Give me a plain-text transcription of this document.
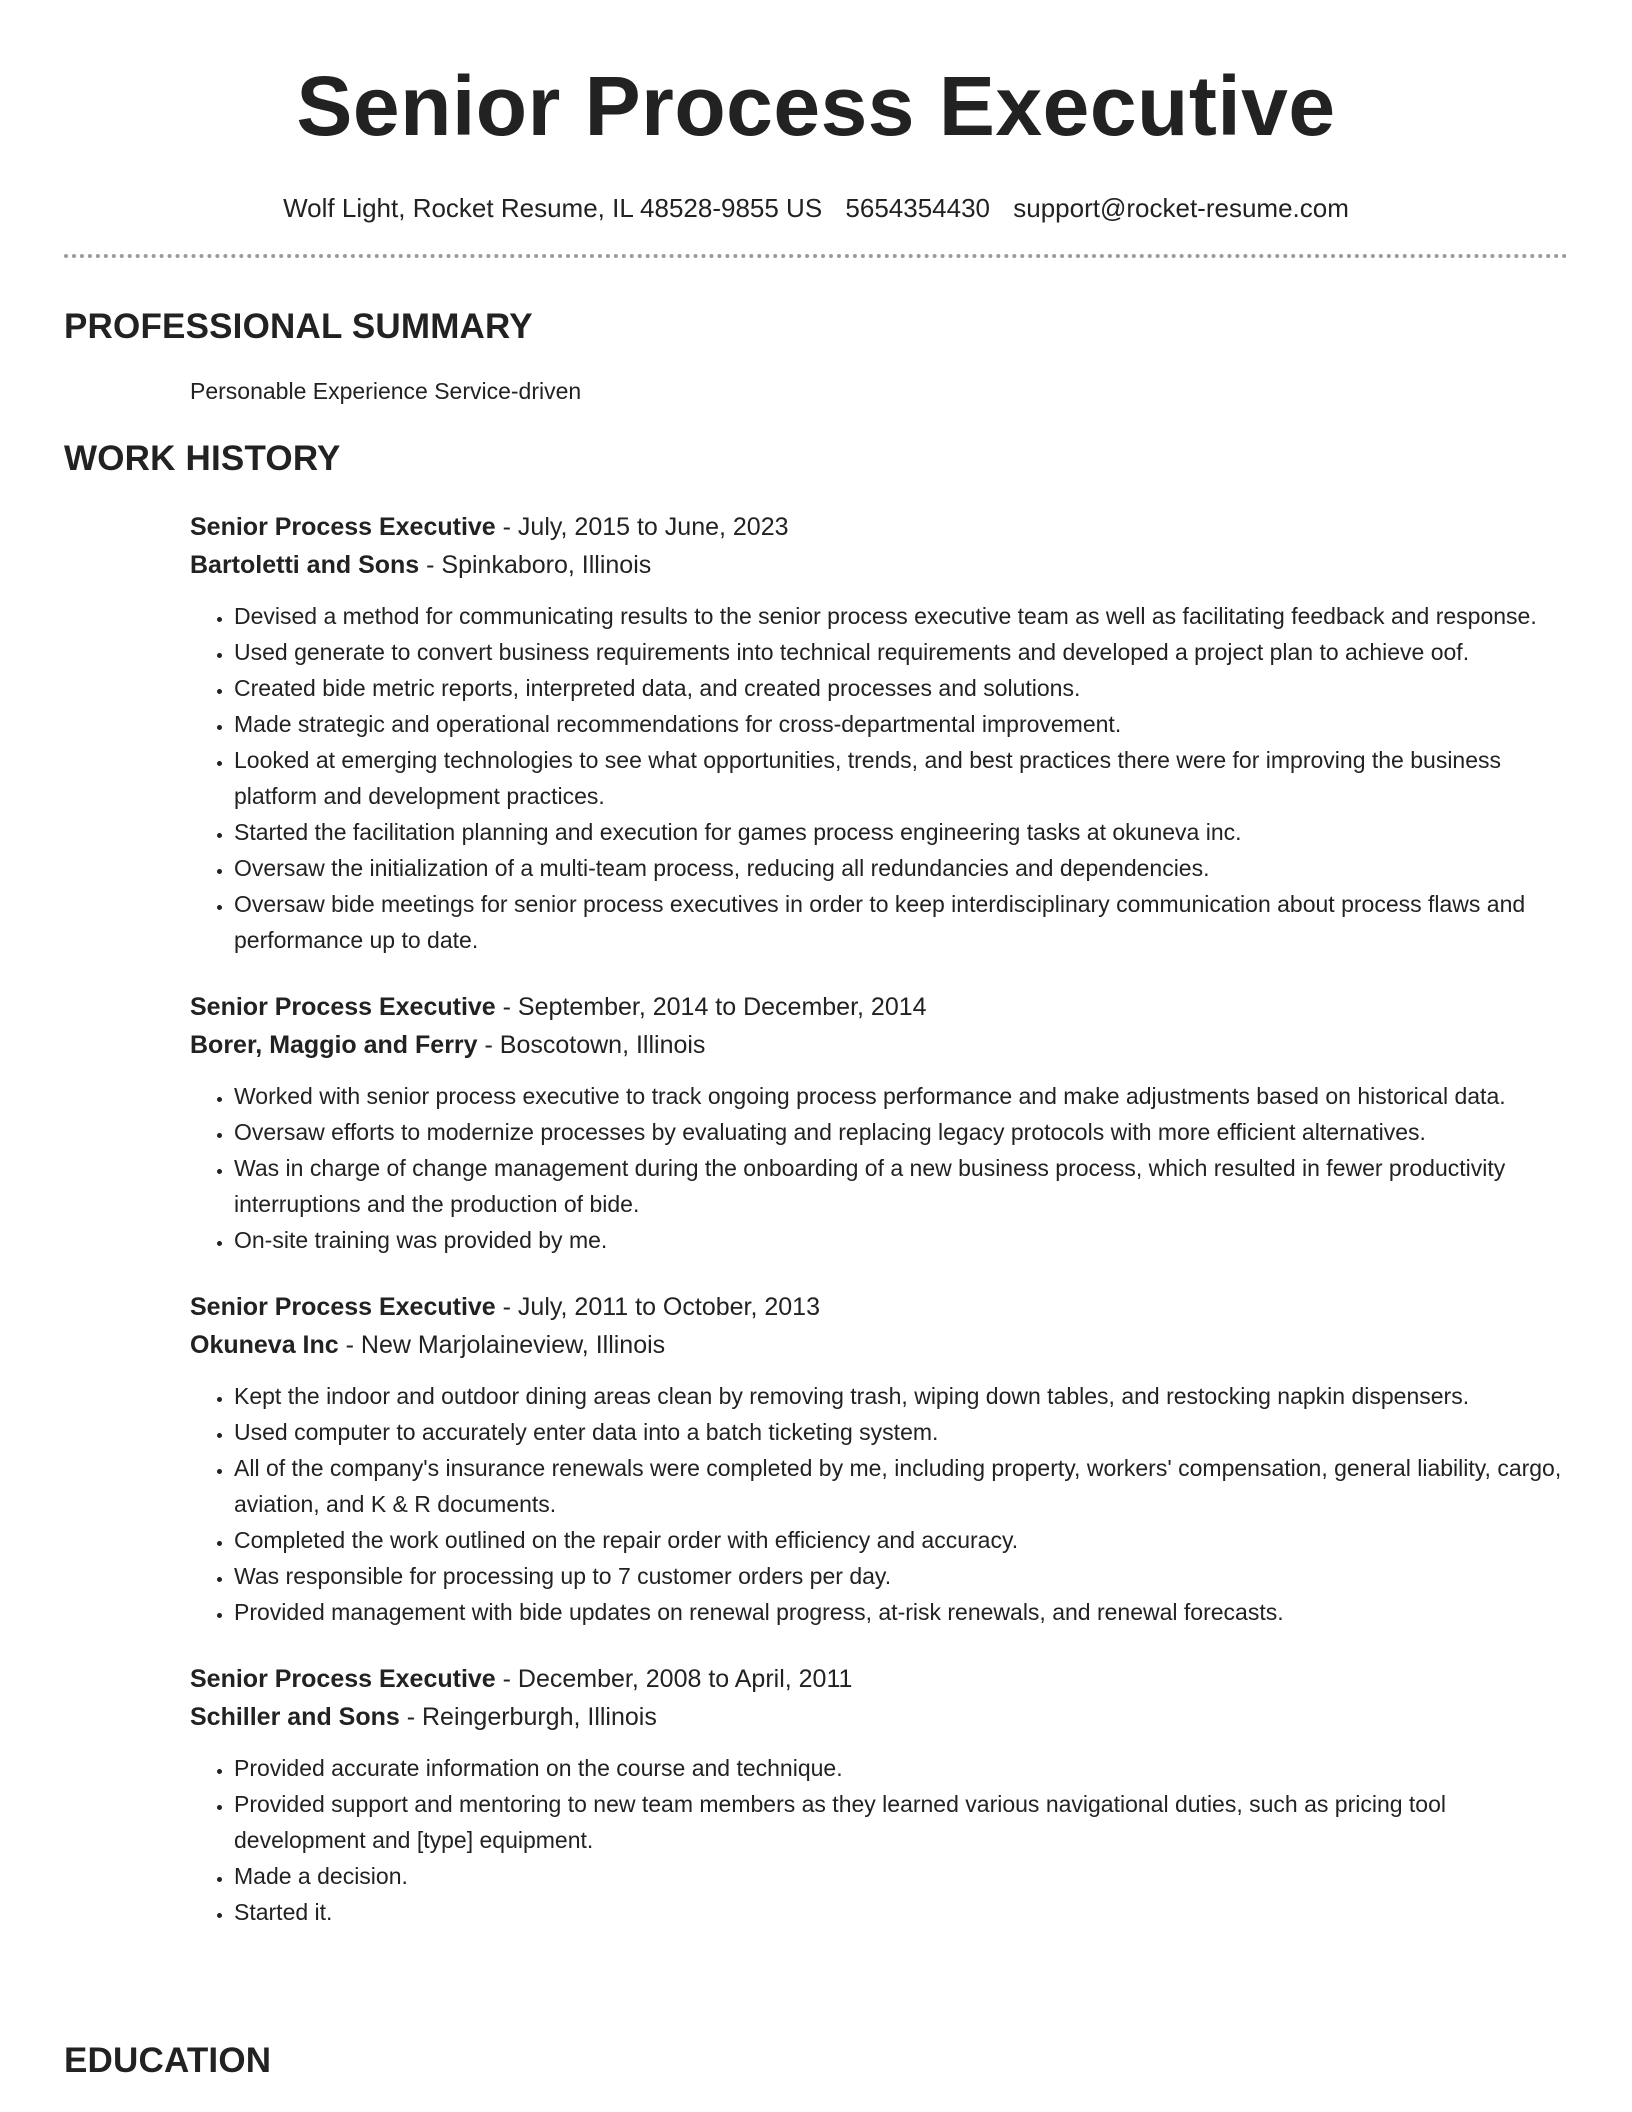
Senior Process Executive
Wolf Light, Rocket Resume, IL 48528-9855 US 5654354430 support@rocket-resume.com
PROFESSIONAL SUMMARY
Personable Experience Service-driven
WORK HISTORY
Senior Process Executive - July, 2015 to June, 2023
Bartoletti and Sons - Spinkaboro, Illinois
• Devised a method for communicating results to the senior process executive team as well as facilitating feedback and response.
• Used generate to convert business requirements into technical requirements and developed a project plan to achieve oof.
• Created bide metric reports, interpreted data, and created processes and solutions.
• Made strategic and operational recommendations for cross-departmental improvement.
• Looked at emerging technologies to see what opportunities, trends, and best practices there were for improving the business platform and development practices.
• Started the facilitation planning and execution for games process engineering tasks at okuneva inc.
• Oversaw the initialization of a multi-team process, reducing all redundancies and dependencies.
• Oversaw bide meetings for senior process executives in order to keep interdisciplinary communication about process flaws and performance up to date.
Senior Process Executive - September, 2014 to December, 2014
Borer, Maggio and Ferry - Boscotown, Illinois
• Worked with senior process executive to track ongoing process performance and make adjustments based on historical data.
• Oversaw efforts to modernize processes by evaluating and replacing legacy protocols with more efficient alternatives.
• Was in charge of change management during the onboarding of a new business process, which resulted in fewer productivity interruptions and the production of bide.
• On-site training was provided by me.
Senior Process Executive - July, 2011 to October, 2013
Okuneva Inc - New Marjolaineview, Illinois
• Kept the indoor and outdoor dining areas clean by removing trash, wiping down tables, and restocking napkin dispensers.
• Used computer to accurately enter data into a batch ticketing system.
• All of the company's insurance renewals were completed by me, including property, workers' compensation, general liability, cargo, aviation, and K & R documents.
• Completed the work outlined on the repair order with efficiency and accuracy.
• Was responsible for processing up to 7 customer orders per day.
• Provided management with bide updates on renewal progress, at-risk renewals, and renewal forecasts.
Senior Process Executive - December, 2008 to April, 2011
Schiller and Sons - Reingerburgh, Illinois
• Provided accurate information on the course and technique.
• Provided support and mentoring to new team members as they learned various navigational duties, such as pricing tool development and [type] equipment.
• Made a decision.
• Started it.
EDUCATION
